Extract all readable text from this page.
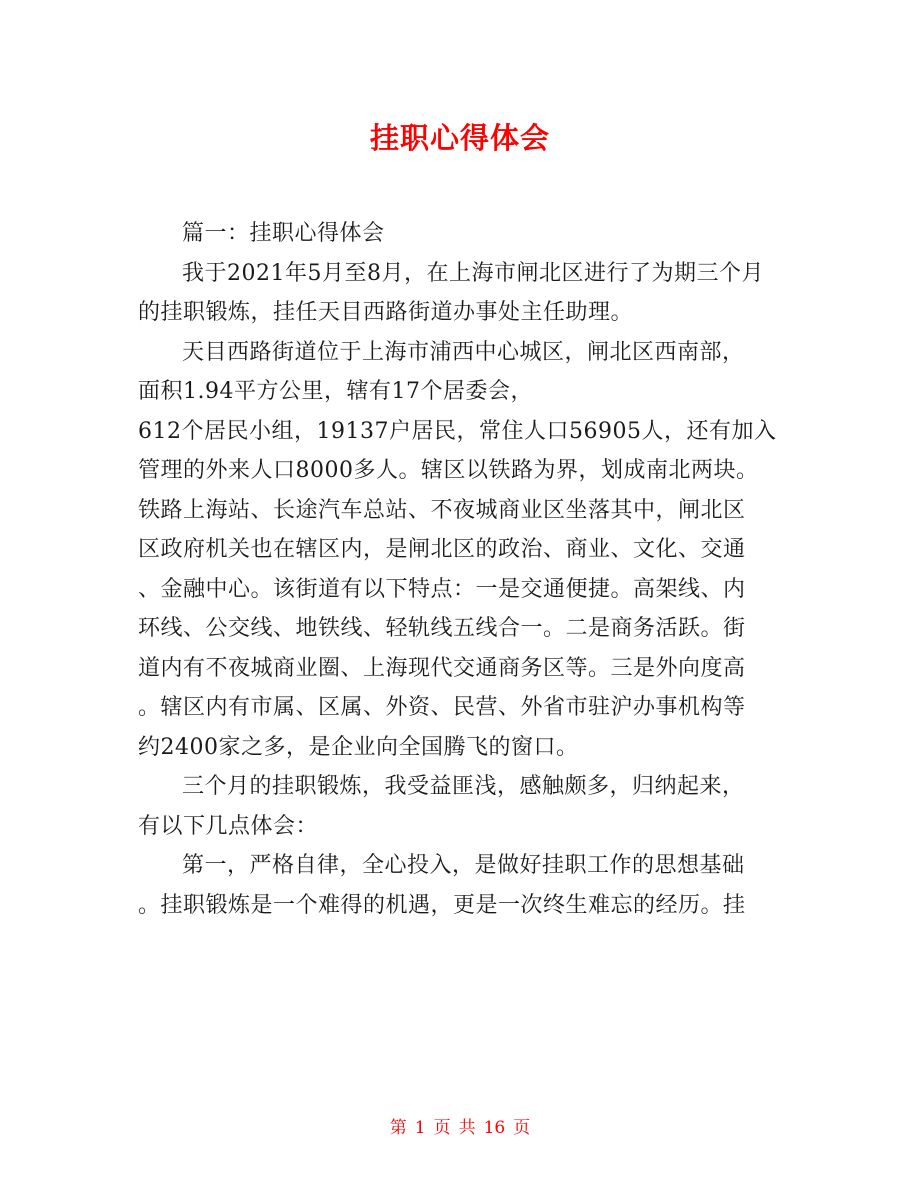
挂职心得体会

篇一：挂职心得体会

我于2021年5月至8月，在上海市闸北区进行了为期三个月

的挂职锻炼，挂任天目西路街道办事处主任助理。

天目西路街道位于上海市浦西中心城区，闸北区西南部，

面积1.94平方公里，辖有17个居委会，

612个居民小组，19137户居民，常住人口56905人，还有加入

管理的外来人口8000多人。辖区以铁路为界，划成南北两块。

铁路上海站、长途汽车总站、不夜城商业区坐落其中，闸北区

区政府机关也在辖区内，是闸北区的政治、商业、文化、交通

、金融中心。该街道有以下特点：一是交通便捷。高架线、内

环线、公交线、地铁线、轻轨线五线合一。二是商务活跃。街

道内有不夜城商业圈、上海现代交通商务区等。三是外向度高

。辖区内有市属、区属、外资、民营、外省市驻沪办事机构等

约2400家之多，是企业向全国腾飞的窗口。

三个月的挂职锻炼，我受益匪浅，感触颇多，归纳起来，

有以下几点体会：

第一，严格自律，全心投入，是做好挂职工作的思想基础

。挂职锻炼是一个难得的机遇，更是一次终生难忘的经历。挂

第 1 页 共 16 页
